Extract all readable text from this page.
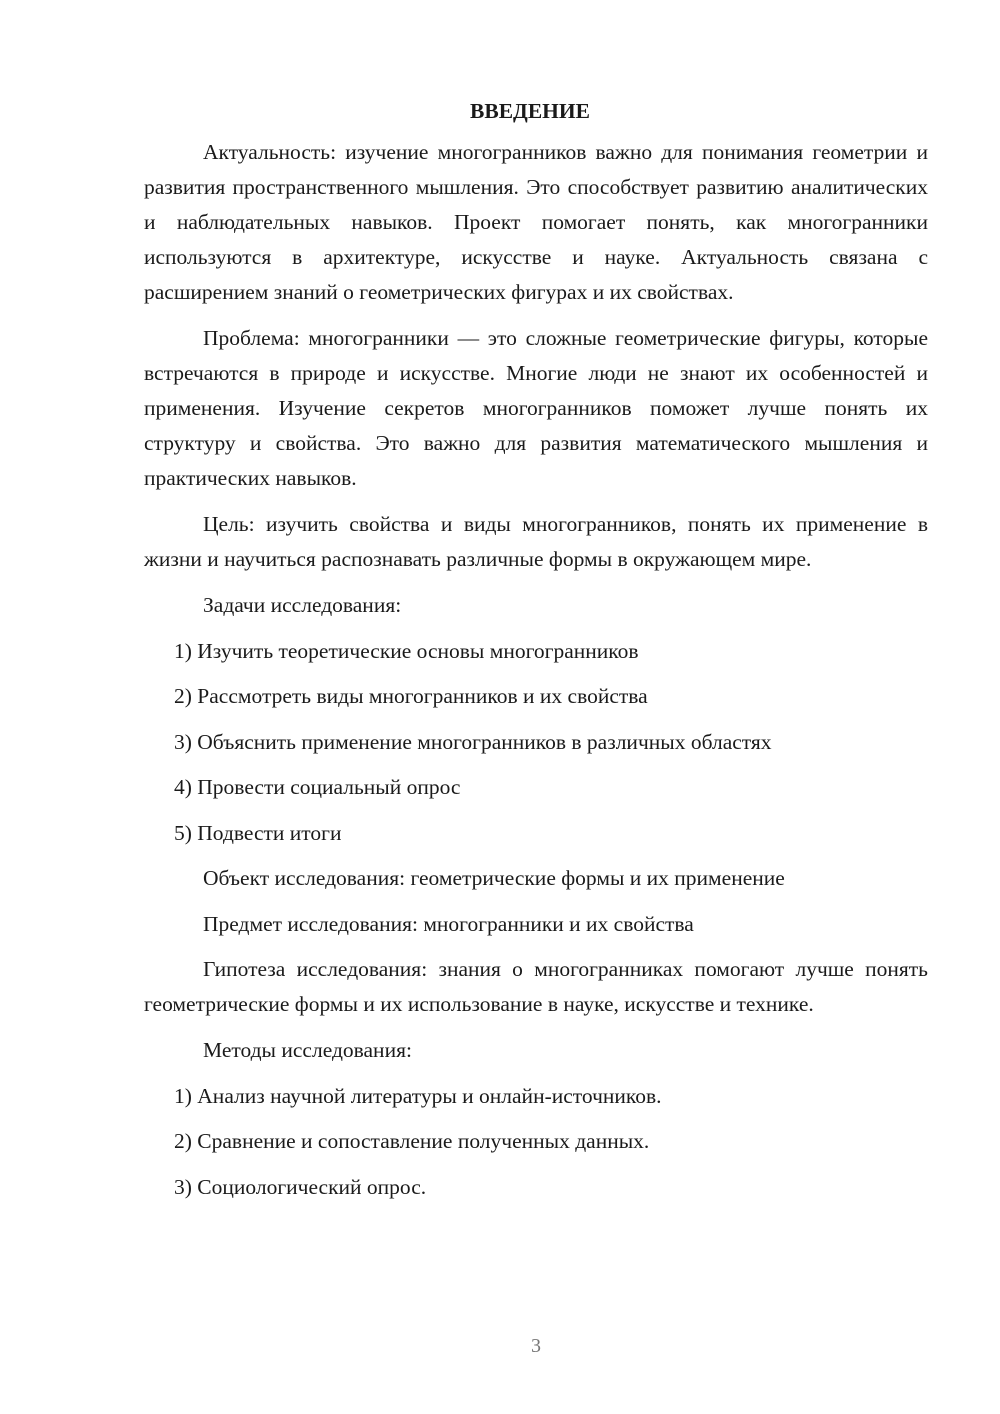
ВВЕДЕНИЕ

Актуальность: изучение многогранников важно для понимания геометрии и развития пространственного мышления. Это способствует развитию аналитических и наблюдательных навыков. Проект помогает понять, как многогранники используются в архитектуре, искусстве и науке. Актуальность связана с расширением знаний о геометрических фигурах и их свойствах.

Проблема: многогранники — это сложные геометрические фигуры, которые встречаются в природе и искусстве. Многие люди не знают их особенностей и применения. Изучение секретов многогранников поможет лучше понять их структуру и свойства. Это важно для развития математического мышления и практических навыков.

Цель: изучить свойства и виды многогранников, понять их применение в жизни и научиться распознавать различные формы в окружающем мире.

Задачи исследования:

1) Изучить теоретические основы многогранников

2) Рассмотреть виды многогранников и их свойства

3) Объяснить применение многогранников в различных областях

4) Провести социальный опрос

5) Подвести итоги

Объект исследования: геометрические формы и их применение

Предмет исследования: многогранники и их свойства

Гипотеза исследования: знания о многогранниках помогают лучше понять геометрические формы и их использование в науке, искусстве и технике.

Методы исследования:

1) Анализ научной литературы и онлайн-источников.

2) Сравнение и сопоставление полученных данных.

3) Социологический опрос.

3
